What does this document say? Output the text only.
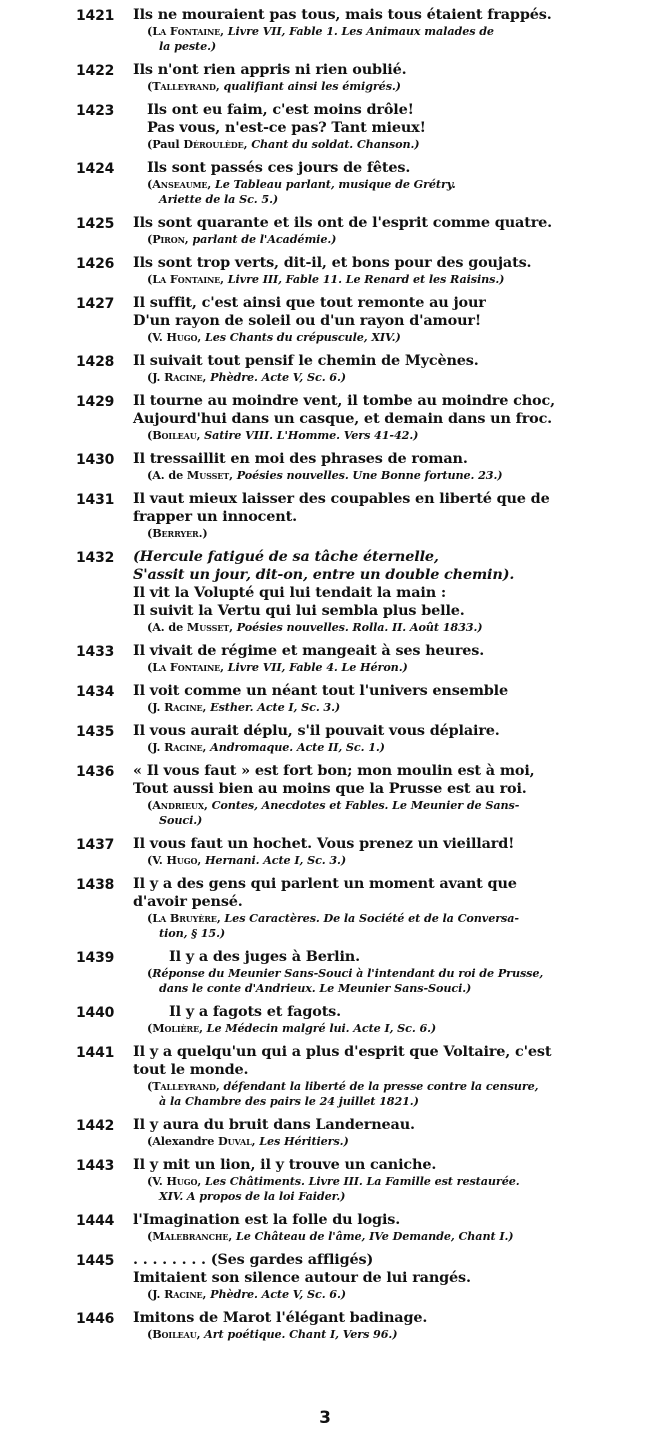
1421	Ils ne mouraient pas tous, mais tous étaient frappés.
(La Fontaine, Livre VII, Fable 1. Les Animaux malades de
la peste.)
1422	Ils n'ont rien appris ni rien oublié.
(Talleyrand, qualifiant ainsi les émigrés.)
1423	Ils ont eu faim, c'est moins drôle!
Pas vous, n'est-ce pas? Tant mieux!
(Paul Déroulède, Chant du soldat. Chanson.)
1424	Ils sont passés ces jours de fêtes.
(Anseaume, Le Tableau parlant, musique de Grétry.
Ariette de la Sc. 5.)
1425	Ils sont quarante et ils ont de l'esprit comme quatre.
(Piron, parlant de l'Académie.)
1426	Ils sont trop verts, dit-il, et bons pour des goujats.
(La Fontaine, Livre III, Fable 11. Le Renard et les Raisins.)
1427	Il suffit, c'est ainsi que tout remonte au jour
D'un rayon de soleil ou d'un rayon d'amour!
(V. Hugo, Les Chants du crépuscule, XIV.)
1428	Il suivait tout pensif le chemin de Mycènes.
(J. Racine, Phèdre. Acte V, Sc. 6.)
1429	Il tourne au moindre vent, il tombe au moindre choc,
Aujourd'hui dans un casque, et demain dans un froc.
(Boileau, Satire VIII. L'Homme. Vers 41-42.)
1430	Il tressaillit en moi des phrases de roman.
(A. de Musset, Poésies nouvelles. Une Bonne fortune. 23.)
1431	Il vaut mieux laisser des coupables en liberté que de frapper un innocent.
(Berryer.)
1432	(Hercule fatigué de sa tâche éternelle,
S'assit un jour, dit-on, entre un double chemin).
Il vit la Volupté qui lui tendait la main :
Il suivit la Vertu qui lui sembla plus belle.
(A. de Musset, Poésies nouvelles. Rolla. II. Août 1833.)
1433	Il vivait de régime et mangeait à ses heures.
(La Fontaine, Livre VII, Fable 4. Le Héron.)
1434	Il voit comme un néant tout l'univers ensemble
(J. Racine, Esther. Acte I, Sc. 3.)
1435	Il vous aurait déplu, s'il pouvait vous déplaire.
(J. Racine, Andromaque. Acte II, Sc. 1.)
1436	« Il vous faut » est fort bon; mon moulin est à moi,
Tout aussi bien au moins que la Prusse est au roi.
(Andrieux, Contes, Anecdotes et Fables. Le Meunier de Sans-
Souci.)
1437	Il vous faut un hochet. Vous prenez un vieillard!
(V. Hugo, Hernani. Acte I, Sc. 3.)
1438	Il y a des gens qui parlent un moment avant que d'avoir pensé.
(La Bruyère, Les Caractères. De la Société et de la Conversa-
tion, § 15.)
1439	Il y a des juges à Berlin.
(Réponse du Meunier Sans-Souci à l'intendant du roi de Prusse,
dans le conte d'Andrieux. Le Meunier Sans-Souci.)
1440	Il y a fagots et fagots.
(Molière, Le Médecin malgré lui. Acte I, Sc. 6.)
1441	Il y a quelqu'un qui a plus d'esprit que Voltaire, c'est tout le monde.
(Talleyrand, défendant la liberté de la presse contre la censure,
à la Chambre des pairs le 24 juillet 1821.)
1442	Il y aura du bruit dans Landerneau.
(Alexandre Duval, Les Héritiers.)
1443	Il y mit un lion, il y trouve un caniche.
(V. Hugo, Les Châtiments. Livre III. La Famille est restaurée.
XIV. A propos de la loi Faider.)
1444	l'Imagination est la folle du logis.
(Malebranche, Le Château de l'âme, IVe Demande, Chant I.)
1445	. . . . . . . . (Ses gardes affligés)
Imitaient son silence autour de lui rangés.
(J. Racine, Phèdre. Acte V, Sc. 6.)
1446	Imitons de Marot l'élégant badinage.
(Boileau, Art poétique. Chant I, Vers 96.)
3
